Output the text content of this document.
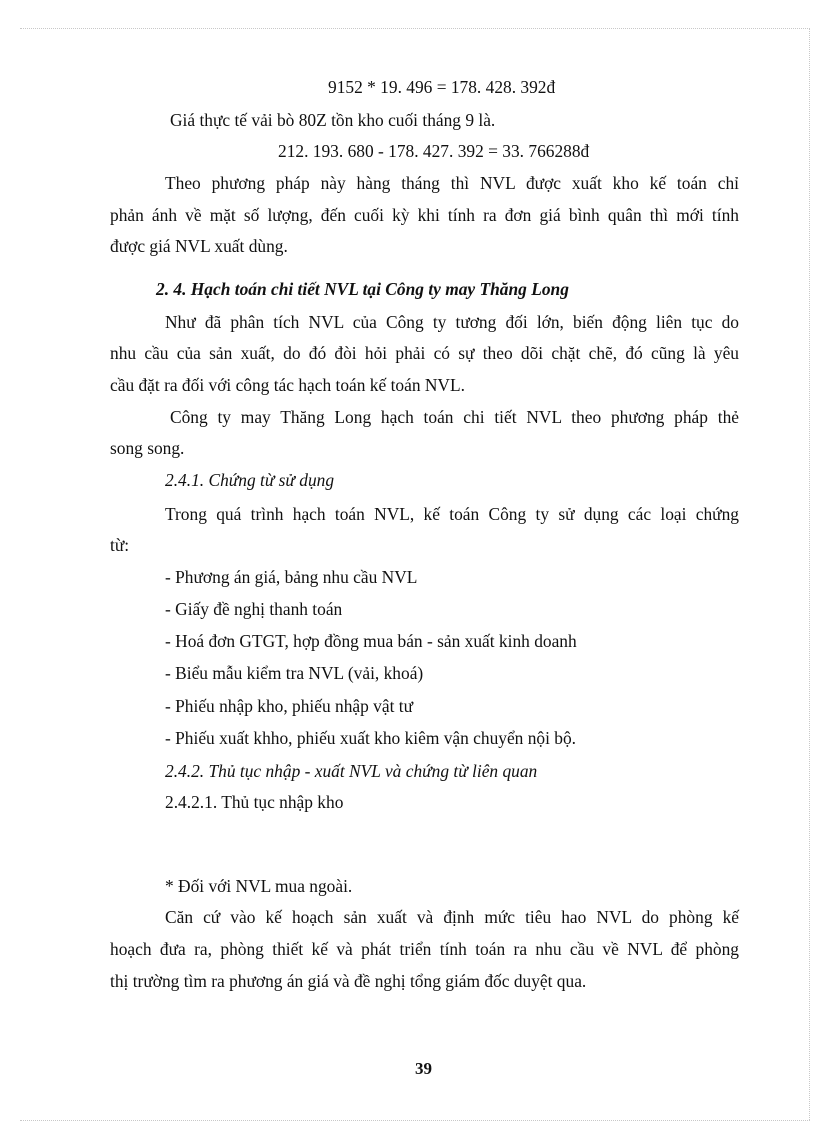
9152 * 19. 496 = 178. 428. 392đ
Giá thực tế vải bò 80Z tồn kho cuối tháng 9 là.
212. 193. 680 - 178. 427. 392 = 33. 766288đ
Theo phương pháp này hàng tháng thì NVL được xuất kho kế toán chỉ
phản ánh về mặt số lượng, đến cuối kỳ khi tính ra đơn giá bình quân thì mới tính
được giá NVL xuất dùng.
2. 4. Hạch toán chi tiết NVL tại Công ty may Thăng Long
Như đã phân tích NVL của Công ty tương đối lớn, biến động liên tục do
nhu cầu của sản xuất, do đó đòi hỏi phải có sự theo dõi chặt chẽ, đó cũng là yêu
cầu đặt ra đối với công tác hạch toán kế toán NVL.
Công ty may Thăng Long hạch toán chi tiết NVL theo phương pháp thẻ
song song.
2.4.1. Chứng từ sử dụng
Trong quá trình hạch toán NVL, kế toán Công ty sử dụng các loại chứng
từ:
- Phương án giá, bảng nhu cầu NVL
- Giấy đề nghị thanh toán
- Hoá đơn GTGT, hợp đồng mua bán - sản xuất kinh doanh
- Biểu mẫu kiểm tra NVL (vải, khoá)
- Phiếu nhập kho, phiếu nhập vật tư
- Phiếu xuất khho, phiếu xuất kho kiêm vận chuyển nội bộ.
2.4.2. Thủ tục nhập - xuất NVL và chứng từ liên quan
2.4.2.1. Thủ tục nhập kho
* Đối với NVL mua ngoài.
Căn cứ vào kế hoạch sản xuất và định mức tiêu hao NVL do phòng kế
hoạch đưa ra, phòng thiết kế và phát triển tính toán ra nhu cầu về NVL để phòng
thị trường tìm ra phương án giá và đề nghị tổng giám đốc duyệt qua.
39
